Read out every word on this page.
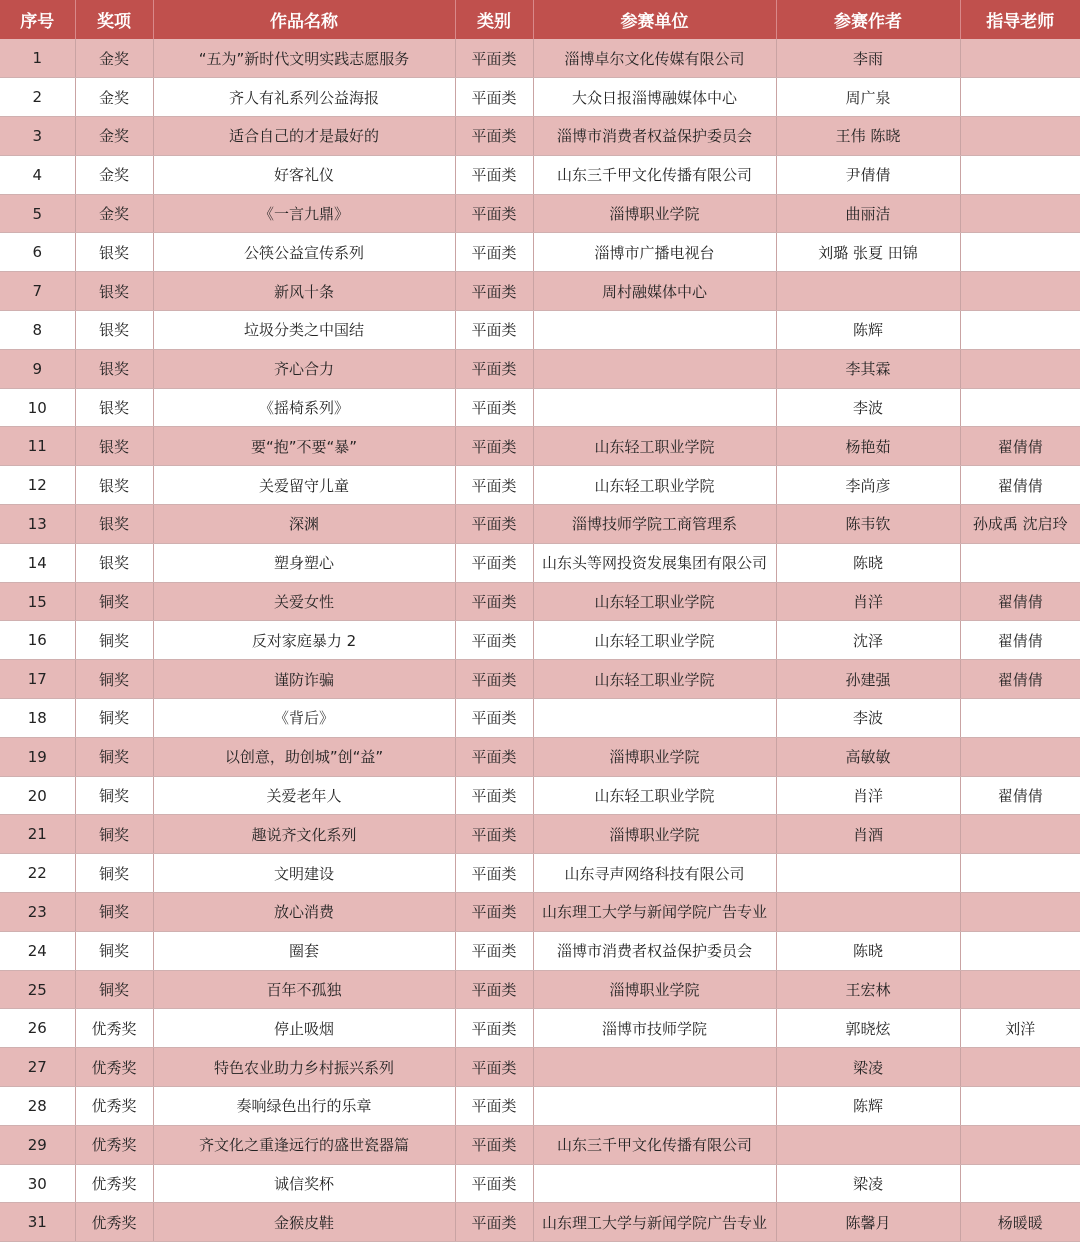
序号	奖项	作品名称	类别	参赛单位	参赛作者	指导老师
1	金奖	“五为”新时代文明实践志愿服务	平面类	淄博卓尔文化传媒有限公司	李雨	
2	金奖	齐人有礼系列公益海报	平面类	大众日报淄博融媒体中心	周广泉	
3	金奖	适合自己的才是最好的	平面类	淄博市消费者权益保护委员会	王伟 陈晓	
4	金奖	好客礼仪	平面类	山东三千甲文化传播有限公司	尹倩倩	
5	金奖	《一言九鼎》	平面类	淄博职业学院	曲丽洁	
6	银奖	公筷公益宣传系列	平面类	淄博市广播电视台	刘璐 张夏 田锦	
7	银奖	新风十条	平面类	周村融媒体中心		
8	银奖	垃圾分类之中国结	平面类		陈辉	
9	银奖	齐心合力	平面类		李其霖	
10	银奖	《摇椅系列》	平面类		李波	
11	银奖	要“抱”不要“暴”	平面类	山东轻工职业学院	杨艳茹	翟倩倩
12	银奖	关爱留守儿童	平面类	山东轻工职业学院	李尚彦	翟倩倩
13	银奖	深渊	平面类	淄博技师学院工商管理系	陈韦钦	孙成禹 沈启玲
14	银奖	塑身塑心	平面类	山东头等网投资发展集团有限公司	陈晓	
15	铜奖	关爱女性	平面类	山东轻工职业学院	肖洋	翟倩倩
16	铜奖	反对家庭暴力 2	平面类	山东轻工职业学院	沈泽	翟倩倩
17	铜奖	谨防诈骗	平面类	山东轻工职业学院	孙建强	翟倩倩
18	铜奖	《背后》	平面类		李波	
19	铜奖	以创意，助创城”创“益”	平面类	淄博职业学院	高敏敏	
20	铜奖	关爱老年人	平面类	山东轻工职业学院	肖洋	翟倩倩
21	铜奖	趣说齐文化系列	平面类	淄博职业学院	肖酒	
22	铜奖	文明建设	平面类	山东寻声网络科技有限公司		
23	铜奖	放心消费	平面类	山东理工大学与新闻学院广告专业		
24	铜奖	圈套	平面类	淄博市消费者权益保护委员会	陈晓	
25	铜奖	百年不孤独	平面类	淄博职业学院	王宏林	
26	优秀奖	停止吸烟	平面类	淄博市技师学院	郭晓炫	刘洋
27	优秀奖	特色农业助力乡村振兴系列	平面类		梁凌	
28	优秀奖	奏响绿色出行的乐章	平面类		陈辉	
29	优秀奖	齐文化之重逢远行的盛世瓷器篇	平面类	山东三千甲文化传播有限公司		
30	优秀奖	诚信奖杯	平面类		梁凌	
31	优秀奖	金猴皮鞋	平面类	山东理工大学与新闻学院广告专业	陈馨月	杨暖暖
